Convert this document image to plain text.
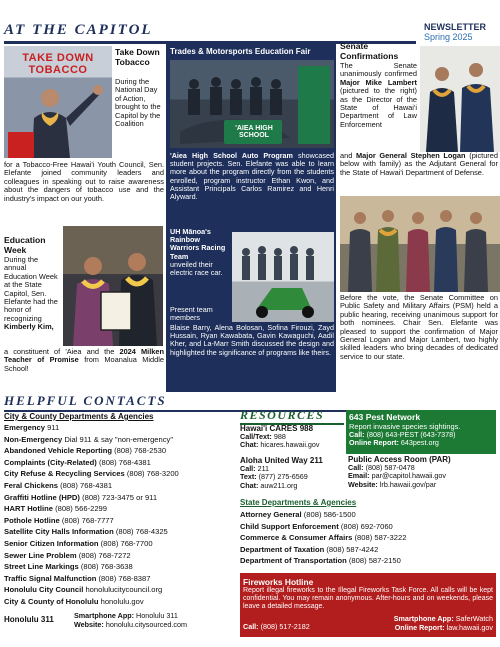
AT THE CAPITOL	NEWSLETTER
Spring 2025
TAKE DOWN TOBACCO
Take Down Tobacco
During the National Day of Action, brought to the Capitol by the Coalition
for a Tobacco-Free Hawai'i Youth Council, Sen. Elefante joined community leaders and colleagues in speaking out to raise awareness about the dangers of tobacco use and the industry's impact on our youth.
Education Week
During the annual Education Week at the State Capitol, Sen. Elefante had the honor of recognizing Kimberly Kim,
a constituent of 'Aiea and the 2024 Milken Teacher of Promise from Moanalua Middle School!
Trades & Motorsports Education Fair
'AIEA HIGH SCHOOL
'Aiea High School Auto Program showcased student projects. Sen. Elefante was able to learn more about the program directly from the students enrolled, program instructor Ethan Kwon, and Assistant Principals Carlos Ramirez and Henri Alyward.
UH Mānoa's Rainbow Warriors Racing Team
unveiled their electric race car.
Present team members
Blaise Barry, Alena Bolosan, Sofina Firouzi, Zayd Hussain, Ryan Kawabata, Gavin Kawaguchi, Aadil Kher, and La-Marr Smith discussed the design and highlighted the significance of programs like theirs.
Senate Confirmations
The Senate unanimously confirmed Major Mike Lambert (pictured to the right) as the Director of the State of Hawai'i Department of Law Enforcement
and Major General Stephen Logan (pictured below with family) as the Adjutant General for the State of Hawai'i Department of Defense.
Before the vote, the Senate Committee on Public Safety and Military Affairs (PSM) held a public hearing, receiving unanimous support for both nominees. Chair Sen. Elefante was pleased to support the confirmation of Major General Logan and Major Lambert, two highly skilled leaders who bring decades of dedicated service to our state.
HELPFUL CONTACTS
City & County Departments & Agencies
Emergency 911
Non-Emergency Dial 911 & say "non-emergency"
Abandoned Vehicle Reporting (808) 768-2530
Complaints (City-Related) (808) 768-4381
City Refuse & Recycling Services (808) 768-3200
Feral Chickens (808) 768-4381
Graffiti Hotline (HPD) (808) 723-3475 or 911
HART Hotline (808) 566-2299
Pothole Hotline (808) 768-7777
Satellite City Halls Information (808) 768-4325
Senior Citizen Information (808) 768-7700
Sewer Line Problem (808) 768-7272
Street Line Markings (808) 768-3638
Traffic Signal Malfunction (808) 768-8387
Honolulu City Council honolulucitycouncil.org
City & County of Honolulu honolulu.gov
Honolulu 311	Smartphone App: Honolulu 311
Website: honolulu.citysourced.com
RESOURCES
Hawai'i CARES 988
Call/Text: 988
Chat: hicares.hawaii.gov
Aloha United Way 211
Call: 211
Text: (877) 275-6569
Chat: auw211.org
643 Pest Network
Report invasive species sightings.
Call: (808) 643-PEST (643-7378)
Online Report: 643pest.org
Public Access Room (PAR)
Call: (808) 587-0478
Email: par@capitol.hawaii.gov
Website: lrb.hawaii.gov/par
State Departments & Agencies
Attorney General (808) 586-1500
Child Support Enforcement (808) 692-7060
Commerce & Consumer Affairs (808) 587-3222
Department of Taxation (808) 587-4242
Department of Transportation (808) 587-2150
Fireworks Hotline
Report illegal fireworks to the Illegal Fireworks Task Force. All calls will be kept confidential. You may remain anonymous. After-hours and on weekends, please leave a detailed message.
Call: (808) 517-2182
Smartphone App: SaferWatch
Online Report: law.hawaii.gov
